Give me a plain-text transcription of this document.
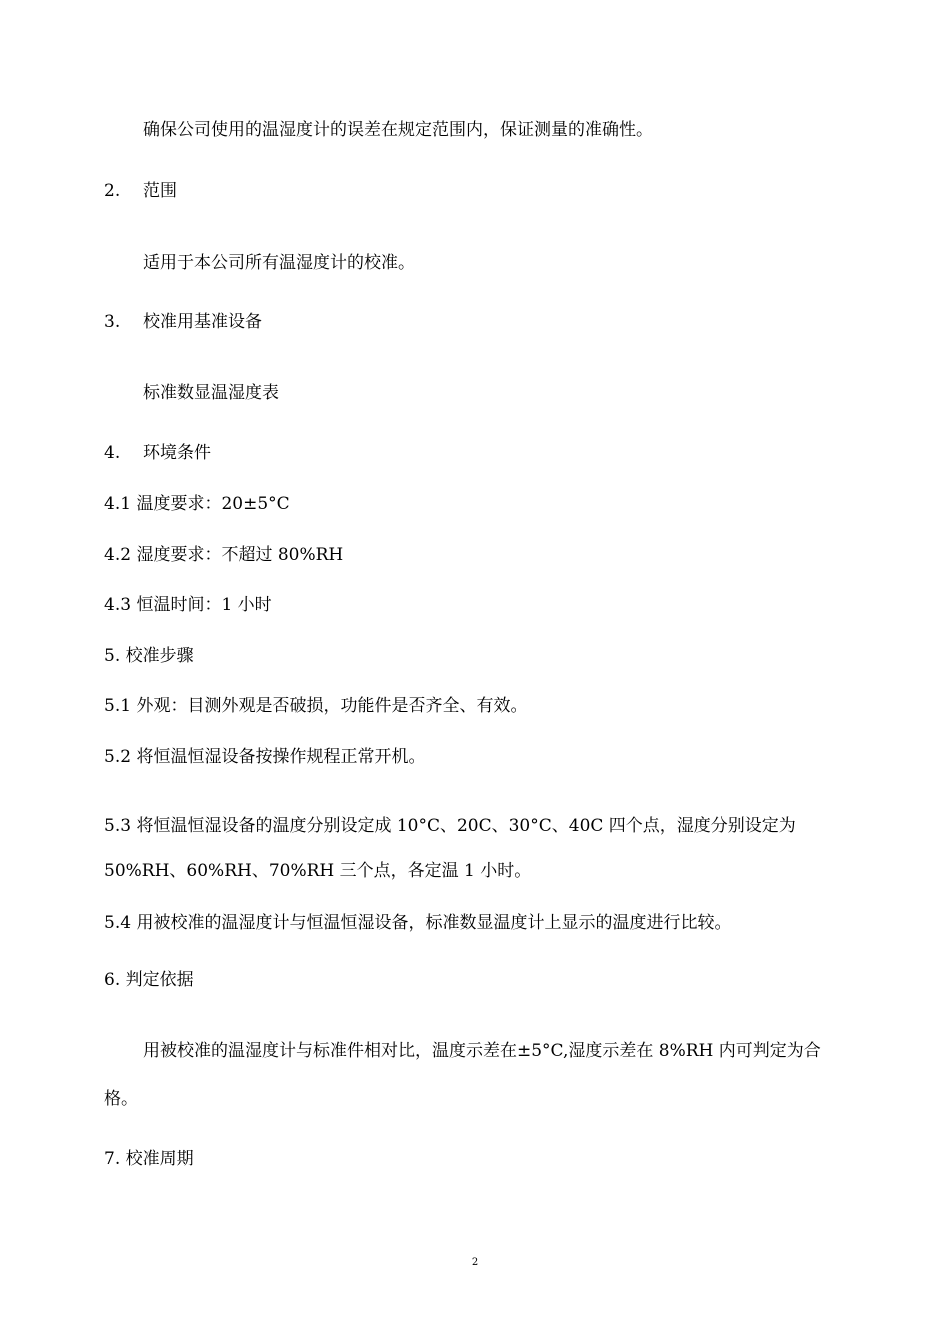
确保公司使用的温湿度计的误差在规定范围内，保证测量的准确性。
2. 范围
适用于本公司所有温湿度计的校准。
3. 校准用基准设备
标准数显温湿度表
4. 环境条件
4.1 温度要求：20±5°C
4.2 湿度要求：不超过 80%RH
4.3 恒温时间：1 小时
5. 校准步骤
5.1 外观：目测外观是否破损，功能件是否齐全、有效。
5.2 将恒温恒湿设备按操作规程正常开机。
5.3 将恒温恒湿设备的温度分别设定成 10°C、20C、30°C、40C 四个点，湿度分别设定为
50%RH、60%RH、70%RH 三个点，各定温 1 小时。
5.4 用被校准的温湿度计与恒温恒湿设备，标准数显温度计上显示的温度进行比较。
6. 判定依据
用被校准的温湿度计与标准件相对比，温度示差在±5°C,湿度示差在 8%RH 内可判定为合
格。
7. 校准周期
2
